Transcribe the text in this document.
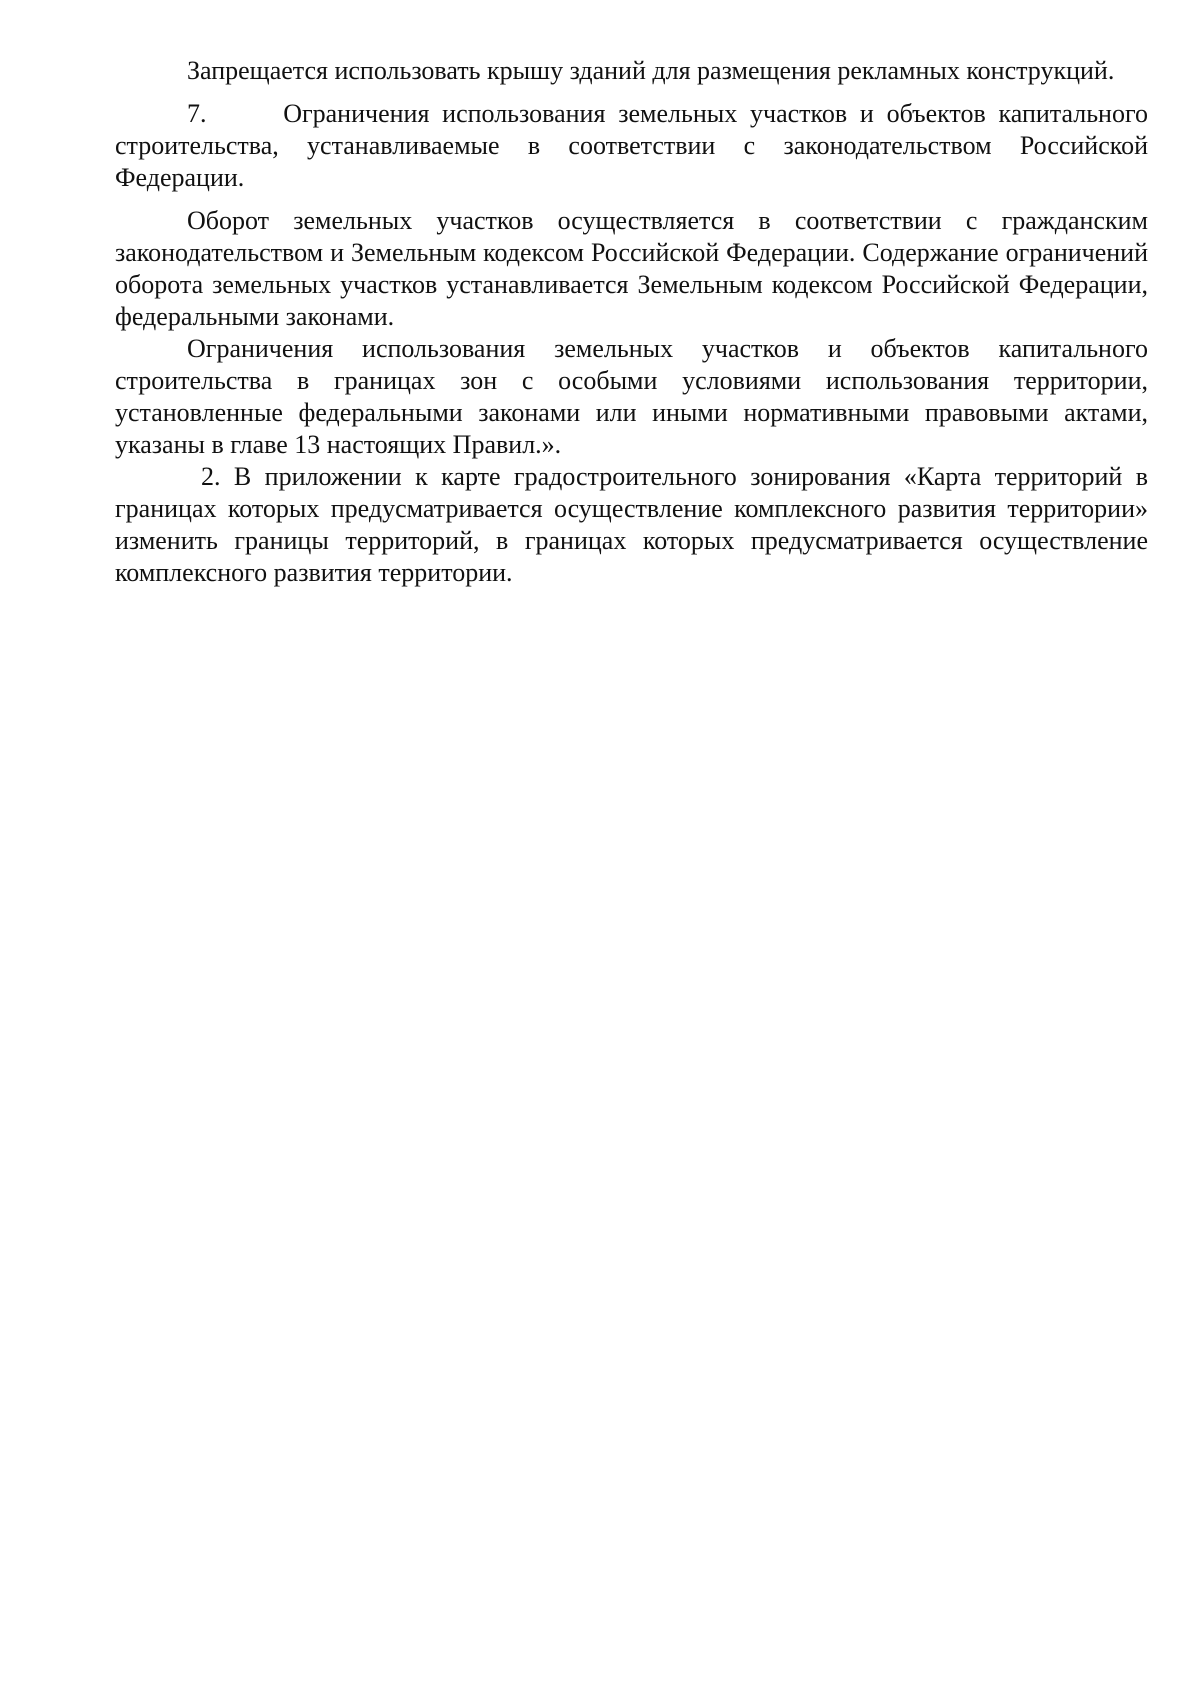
Запрещается использовать крышу зданий для размещения рекламных конструкций.

7.      Ограничения использования земельных участков и объектов капитального строительства, устанавливаемые в соответствии с законодательством Российской Федерации.

Оборот земельных участков осуществляется в соответствии с гражданским законодательством и Земельным кодексом Российской Федерации. Содержание ограничений оборота земельных участков устанавливается Земельным кодексом Российской Федерации, федеральными законами.

Ограничения использования земельных участков и объектов капитального строительства в границах зон с особыми условиями использования территории, установленные федеральными законами или иными нормативными правовыми актами, указаны в главе 13 настоящих Правил.».

2. В приложении к карте градостроительного зонирования «Карта территорий в границах которых предусматривается осуществление комплексного развития территории» изменить границы территорий, в границах которых предусматривается осуществление комплексного развития территории.
